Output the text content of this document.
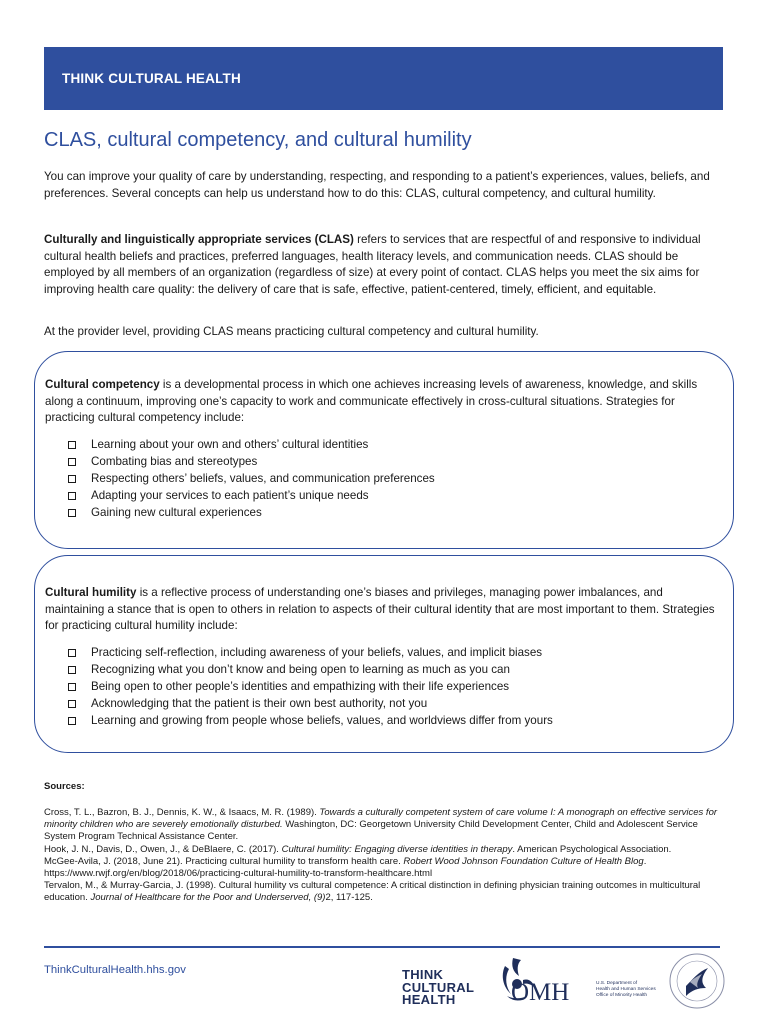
THINK CULTURAL HEALTH
CLAS, cultural competency, and cultural humility

You can improve your quality of care by understanding, respecting, and responding to a patient’s experiences, values, beliefs, and preferences. Several concepts can help us understand how to do this: CLAS, cultural competency, and cultural humility.

Culturally and linguistically appropriate services (CLAS) refers to services that are respectful of and responsive to individual cultural health beliefs and practices, preferred languages, health literacy levels, and communication needs. CLAS should be employed by all members of an organization (regardless of size) at every point of contact. CLAS helps you meet the six aims for improving health care quality: the delivery of care that is safe, effective, patient-centered, timely, efficient, and equitable.

At the provider level, providing CLAS means practicing cultural competency and cultural humility.

Cultural competency is a developmental process in which one achieves increasing levels of awareness, knowledge, and skills along a continuum, improving one’s capacity to work and communicate effectively in cross-cultural situations. Strategies for practicing cultural competency include:

Learning about your own and others’ cultural identities
Combating bias and stereotypes
Respecting others’ beliefs, values, and communication preferences
Adapting your services to each patient’s unique needs
Gaining new cultural experiences

Cultural humility is a reflective process of understanding one’s biases and privileges, managing power imbalances, and maintaining a stance that is open to others in relation to aspects of their cultural identity that are most important to them. Strategies for practicing cultural humility include:

Practicing self-reflection, including awareness of your beliefs, values, and implicit biases
Recognizing what you don’t know and being open to learning as much as you can
Being open to other people’s identities and empathizing with their life experiences
Acknowledging that the patient is their own best authority, not you
Learning and growing from people whose beliefs, values, and worldviews differ from yours

Sources:

Cross, T. L., Bazron, B. J., Dennis, K. W., & Isaacs, M. R. (1989). Towards a culturally competent system of care volume I: A monograph on effective services for minority children who are severely emotionally disturbed. Washington, DC: Georgetown University Child Development Center, Child and Adolescent Service System Program Technical Assistance Center.

Hook, J. N., Davis, D., Owen, J., & DeBlaere, C. (2017). Cultural humility: Engaging diverse identities in therapy. American Psychological Association.

McGee-Avila, J. (2018, June 21). Practicing cultural humility to transform health care. Robert Wood Johnson Foundation Culture of Health Blog. https://www.rwjf.org/en/blog/2018/06/practicing-cultural-humility-to-transform-healthcare.html

Tervalon, M., & Murray-Garcia, J. (1998). Cultural humility vs cultural competence: A critical distinction in defining physician training outcomes in multicultural education. Journal of Healthcare for the Poor and Underserved, (9)2, 117-125.

ThinkCulturalHealth.hhs.gov	THINK
CULTURAL
HEALTH	OMH	U.S. Department of
Health and Human Services
Office of Minority Health
